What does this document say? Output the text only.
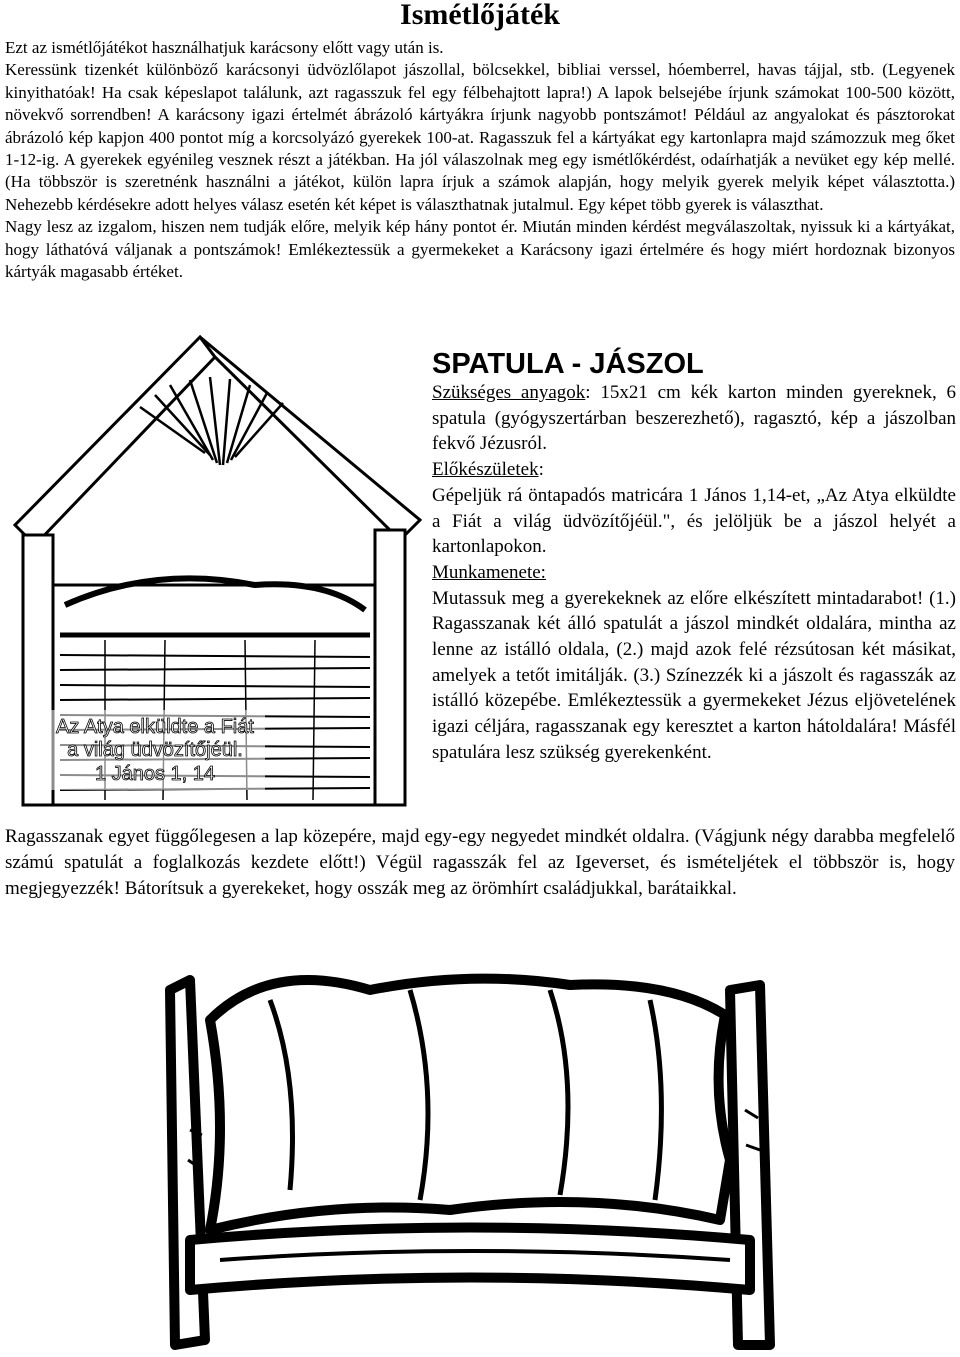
Ismétlőjáték

Ezt az ismétlőjátékot használhatjuk karácsony előtt vagy után is.

Keressünk tizenkét különböző karácsonyi üdvözlőlapot jászollal, bölcsekkel, bibliai verssel, hóemberrel, havas tájjal, stb. (Legyenek kinyithatóak! Ha csak képeslapot találunk, azt ragasszuk fel egy félbehajtott lapra!) A lapok belsejébe írjunk számokat 100-500 között, növekvő sorrendben! A karácsony igazi értelmét ábrázoló kártyákra írjunk nagyobb pontszámot! Például az angyalokat és pásztorokat ábrázoló kép kapjon 400 pontot míg a korcsolyázó gyerekek 100-at. Ragasszuk fel a kártyákat egy kartonlapra majd számozzuk meg őket 1-12-ig. A gyerekek egyénileg vesznek részt a játékban. Ha jól válaszolnak meg egy ismétlőkérdést, odaírhatják a nevüket egy kép mellé. (Ha többször is szeretnénk használni a játékot, külön lapra írjuk a számok alapján, hogy melyik gyerek melyik képet választotta.) Nehezebb kérdésekre adott helyes válasz esetén két képet is választhatnak jutalmul. Egy képet több gyerek is választhat.

Nagy lesz az izgalom, hiszen nem tudják előre, melyik kép hány pontot ér. Miután minden kérdést megválaszoltak, nyissuk ki a kártyákat, hogy láthatóvá váljanak a pontszámok! Emlékeztessük a gyermekeket a Karácsony igazi értelmére és hogy miért hordoznak bizonyos kártyák magasabb értéket.

Az Atya elküldte a Fiát
a világ üdvözítőjéül.
1 János 1, 14

SPATULA - JÁSZOL

Szükséges anyagok: 15x21 cm kék karton minden gyereknek, 6 spatula (gyógyszertárban beszerezhető), ragasztó, kép a jászolban fekvő Jézusról.

Előkészületek:

Gépeljük rá öntapadós matricára 1 János 1,14-et, „Az Atya elküldte a Fiát a világ üdvözítőjéül.", és jelöljük be a jászol helyét a kartonlapokon.

Munkamenete:

Mutassuk meg a gyerekeknek az előre elkészített mintadarabot! (1.) Ragasszanak két álló spatulát a jászol mindkét oldalára, mintha az lenne az istálló oldala, (2.) majd azok felé rézsútosan két másikat, amelyek a tetőt imitálják. (3.) Színezzék ki a jászolt és ragasszák az istálló közepébe. Emlékeztessük a gyermekeket Jézus eljövetelének igazi céljára, ragasszanak egy keresztet a karton hátoldalára! Másfél spatulára lesz szükség gyerekenként.

Ragasszanak egyet függőlegesen a lap közepére, majd egy-egy negyedet mindkét oldalra. (Vágjunk négy darabba megfelelő számú spatulát a foglalkozás kezdete előtt!) Végül ragasszák fel az Igeverset, és ismételjétek el többször is, hogy megjegyezzék! Bátorítsuk a gyerekeket, hogy osszák meg az örömhírt családjukkal, barátaikkal.
